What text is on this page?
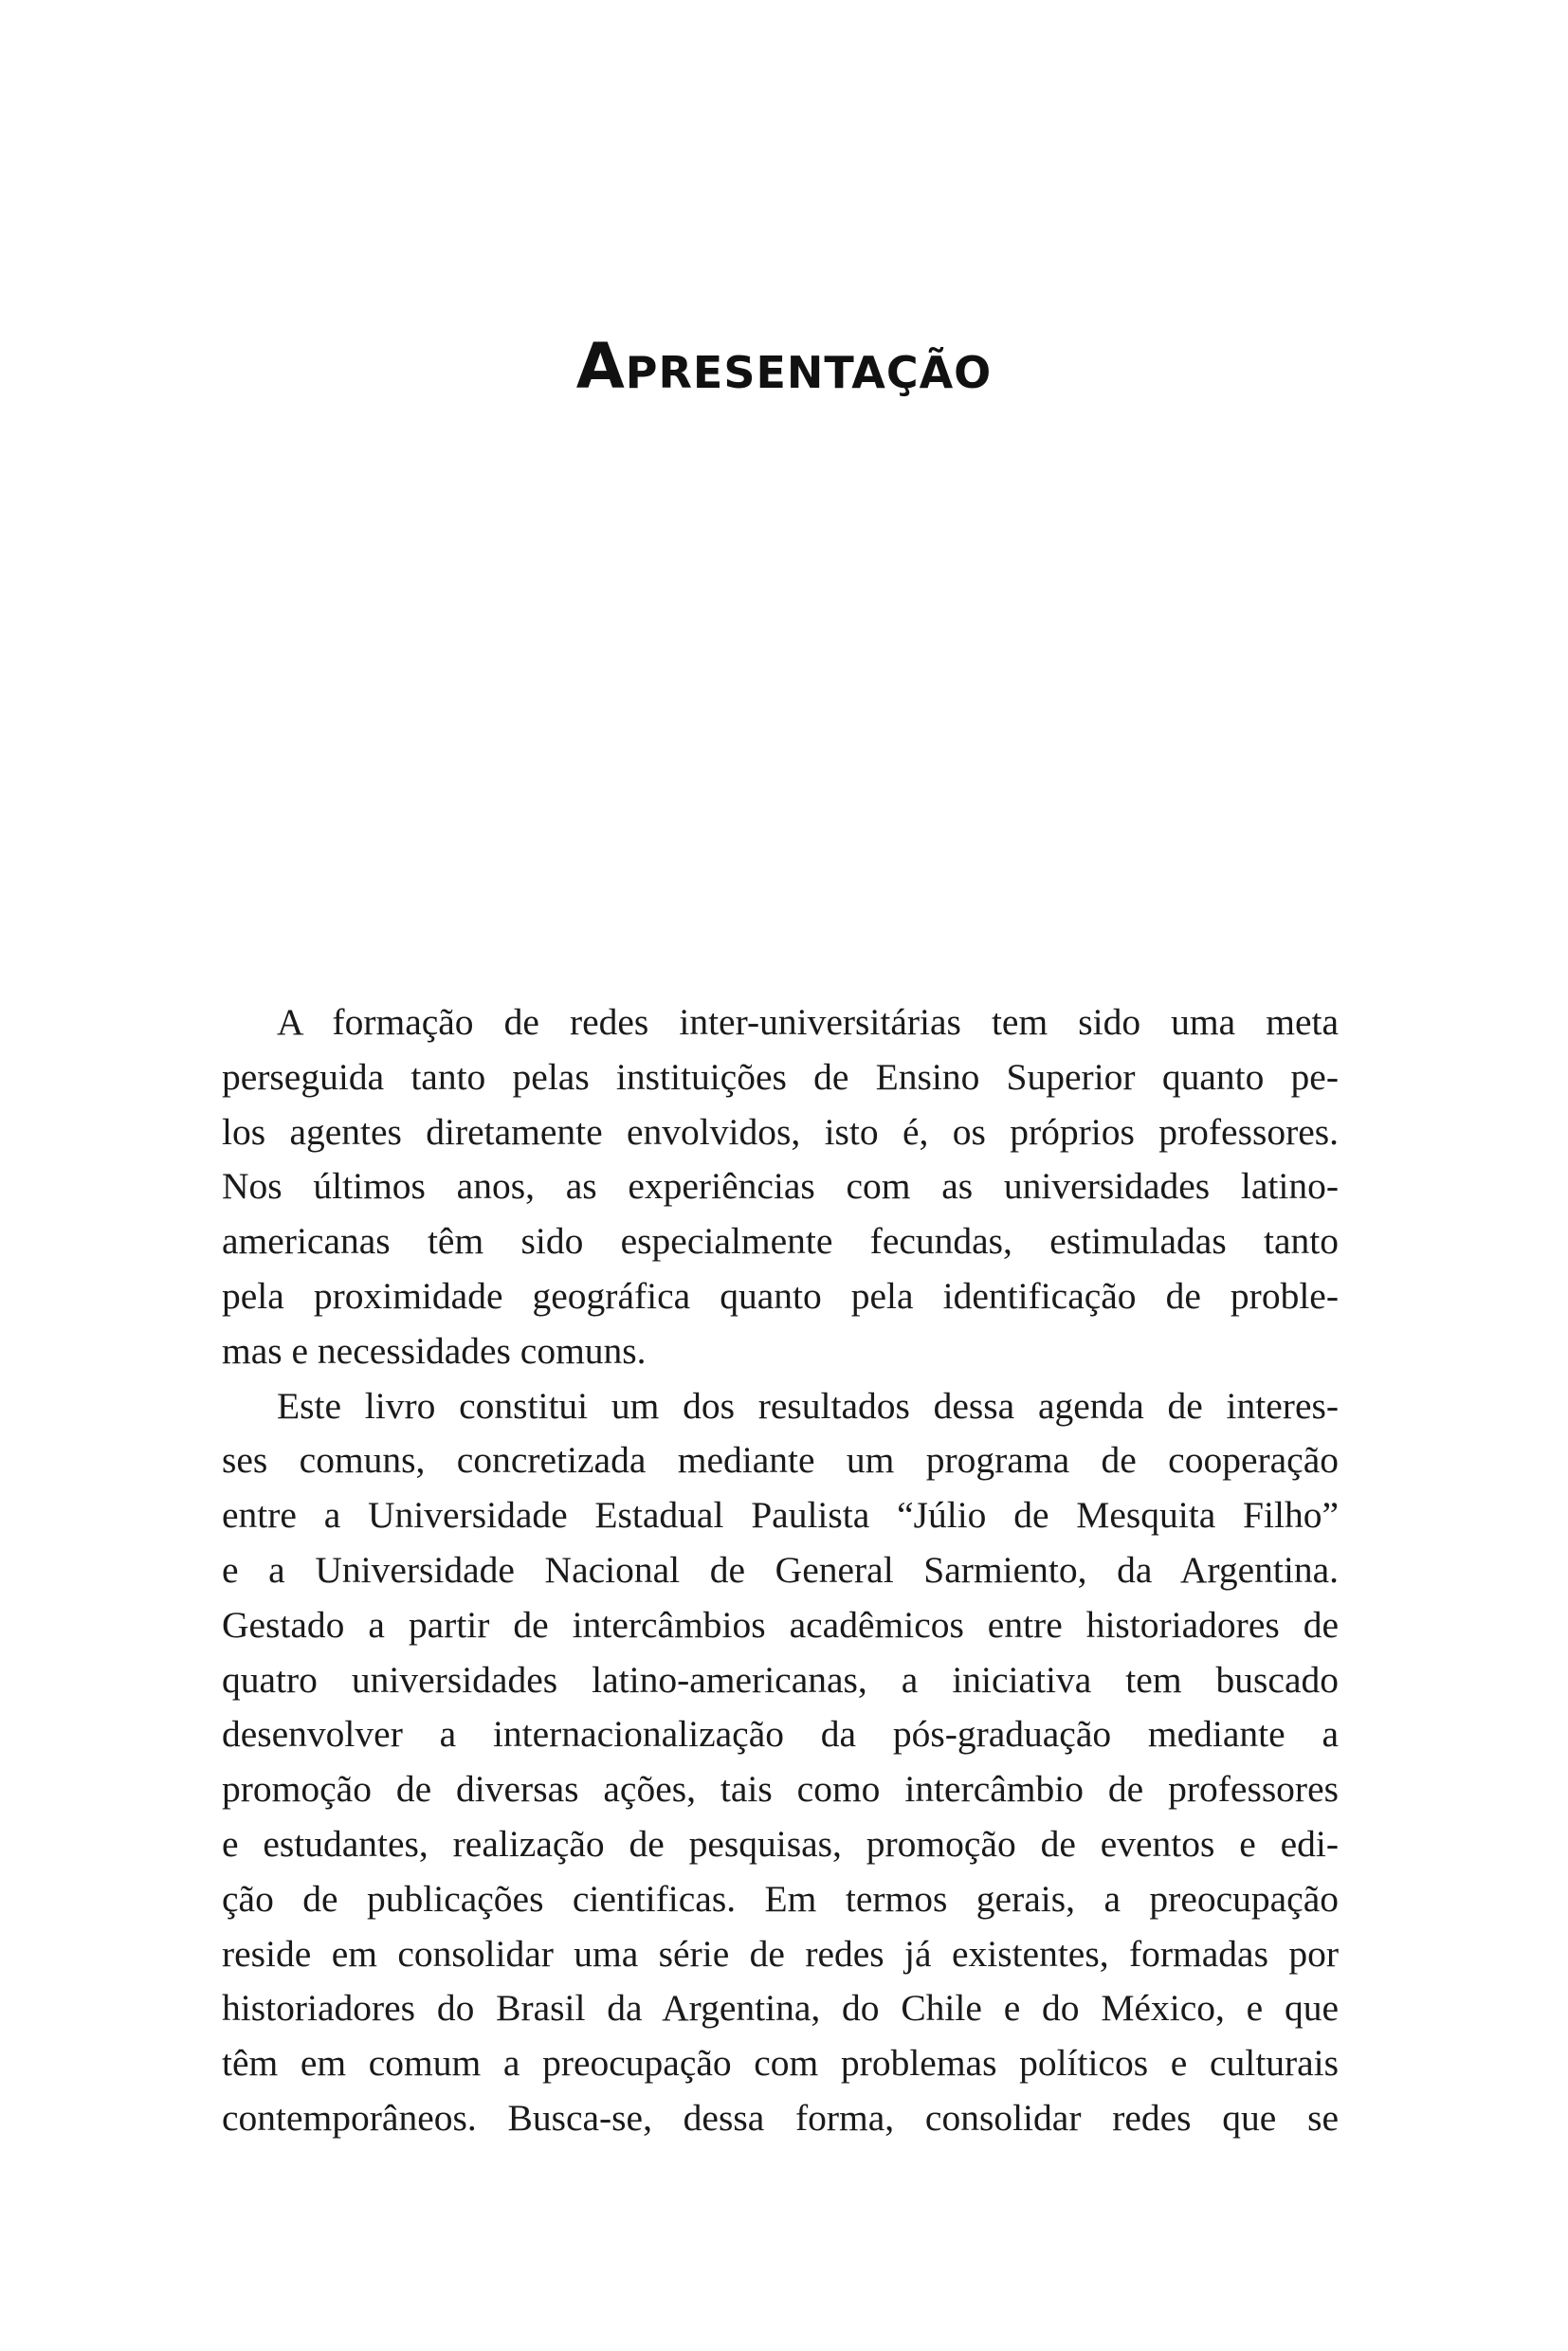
Apresentação
A formação de redes inter-universitárias tem sido uma meta
perseguida tanto pelas instituições de Ensino Superior quanto pe-
los agentes diretamente envolvidos, isto é, os próprios professores.
Nos últimos anos, as experiências com as universidades latino-
americanas têm sido especialmente fecundas, estimuladas tanto
pela proximidade geográfica quanto pela identificação de proble-
mas e necessidades comuns.
Este livro constitui um dos resultados dessa agenda de interes-
ses comuns, concretizada mediante um programa de cooperação
entre a Universidade Estadual Paulista “Júlio de Mesquita Filho”
e a Universidade Nacional de General Sarmiento, da Argentina.
Gestado a partir de intercâmbios acadêmicos entre historiadores de
quatro universidades latino-americanas, a iniciativa tem buscado
desenvolver a internacionalização da pós-graduação mediante a
promoção de diversas ações, tais como intercâmbio de professores
e estudantes, realização de pesquisas, promoção de eventos e edi-
ção de publicações cientificas. Em termos gerais, a preocupação
reside em consolidar uma série de redes já existentes, formadas por
historiadores do Brasil da Argentina, do Chile e do México, e que
têm em comum a preocupação com problemas políticos e culturais
contemporâneos. Busca-se, dessa forma, consolidar redes que se
